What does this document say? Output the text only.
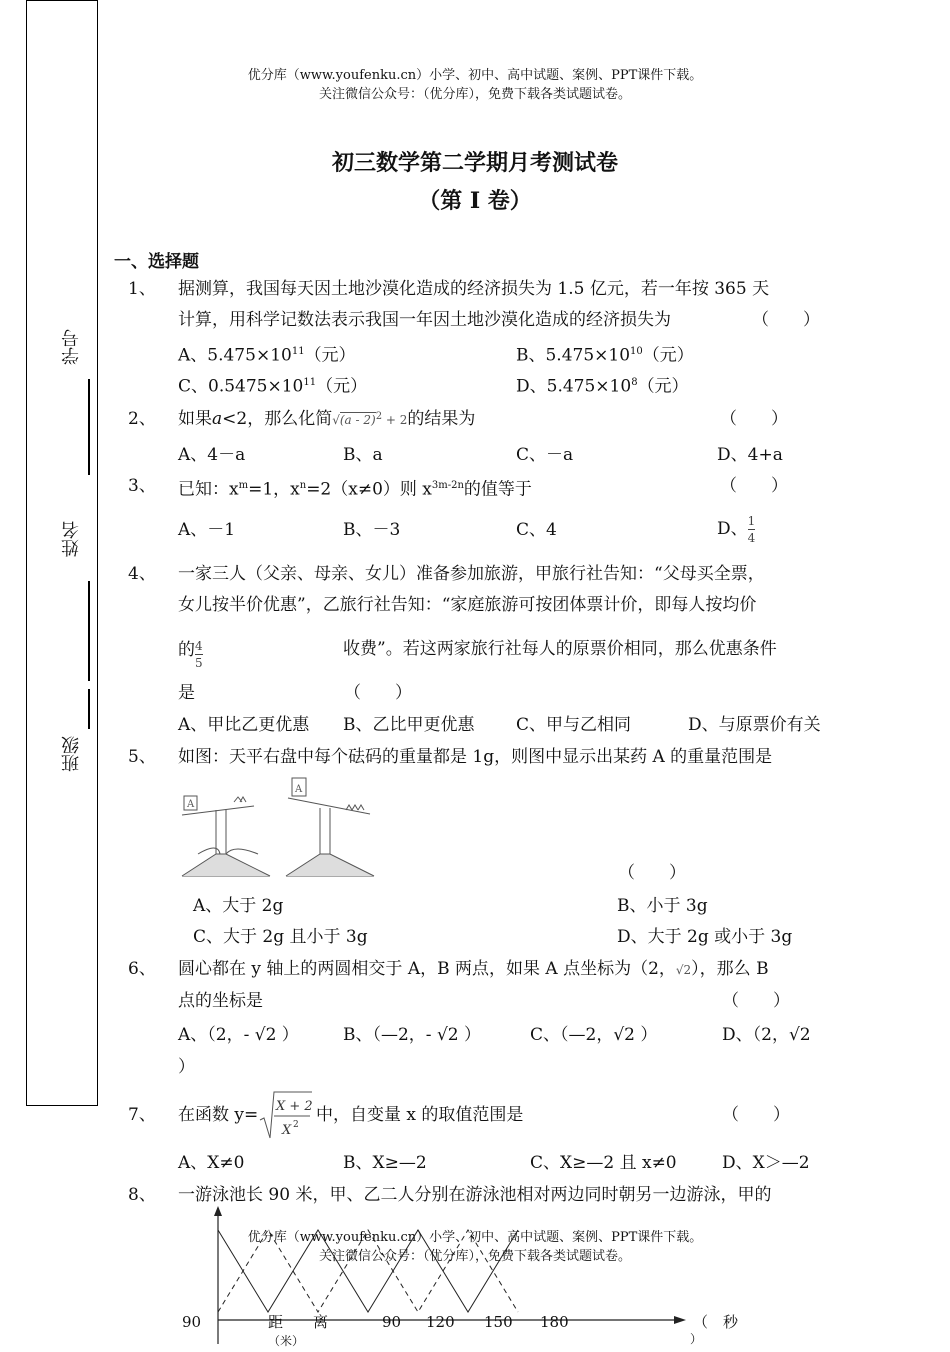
优分库（www.youfenku.cn）小学、初中、高中试题、案例、PPT课件下载。
关注微信公众号：（优分库），免费下载各类试题试卷。
学号
姓名
班级
初三数学第二学期月考测试卷
（第 Ⅰ 卷）
一、选择题
1、 据测算，我国每天因土地沙漠化造成的经济损失为 1.5 亿元，若一年按 365 天
计算，用科学记数法表示我国一年因土地沙漠化造成的经济损失为	（　　）
A、$5.475\times 10^{11}$（元）	B、$5.475\times 10^{10}$（元）
C、$0.5475\times 10^{11}$（元）	D、$5.475\times 10^8$（元）
2、 如果a<2，那么化简√(a - 2)$^2$ + 2的结果为	（　　）
A、4－a	B、a	C、－a	D、4+a
3、 已知：$x^m=1$，$x^n=2(x\ne 0)$则 $x^{3m-2n}$的值等于	（　　）
A、－1	B、－3	C、4	D、 $\frac{1}{4}$
4、 一家三人（父亲、母亲、女儿）准备参加旅游，甲旅行社告知：“父母买全票，
女儿按半价优惠”，乙旅行社告知：“家庭旅游可按团体票计价，即每人按均价
的 $\frac{4}{5}$	收费”。若这两家旅行社每人的原票价相同，那么优惠条件
是	（　　）
A、甲比乙更优惠 B、乙比甲更优惠 C、甲与乙相同	D、与原票价有关
5、 如图：天平右盘中每个砝码的重量都是 1g，则图中显示出某药 A 的重量范围是
A
A
（　　）
A、大于 2g	B、小于 3g
C、大于 2g 且小于 3g	D、大于 2g 或小于 3g
6、 圆心都在 y 轴上的两圆相交于 A，B 两点，如果 A 点坐标为（2，√2），那么 B
点的坐标是	（　　）
A、（2，- √2 ）	B、（—2，- √2 ）	C、（—2，√2 ）	D、（2，√2
）
7、 在函数 y= X + 2
X 2 中，自变量 x 的取值范围是	（　　）
A、X≠0	B、X≥—2	C、X≥—2 且 x≠0	D、X＞—2
8、 一游泳池长 90 米，甲、乙二人分别在游泳池相对两边同时朝另一边游泳，甲的
90	距　　离
（米）
90 120 150 180	（　秒
）
优分库（www.youfenku.cn）小学、初中、高中试题、案例、PPT课件下载。
关注微信公众号：（优分库），免费下载各类试题试卷。
